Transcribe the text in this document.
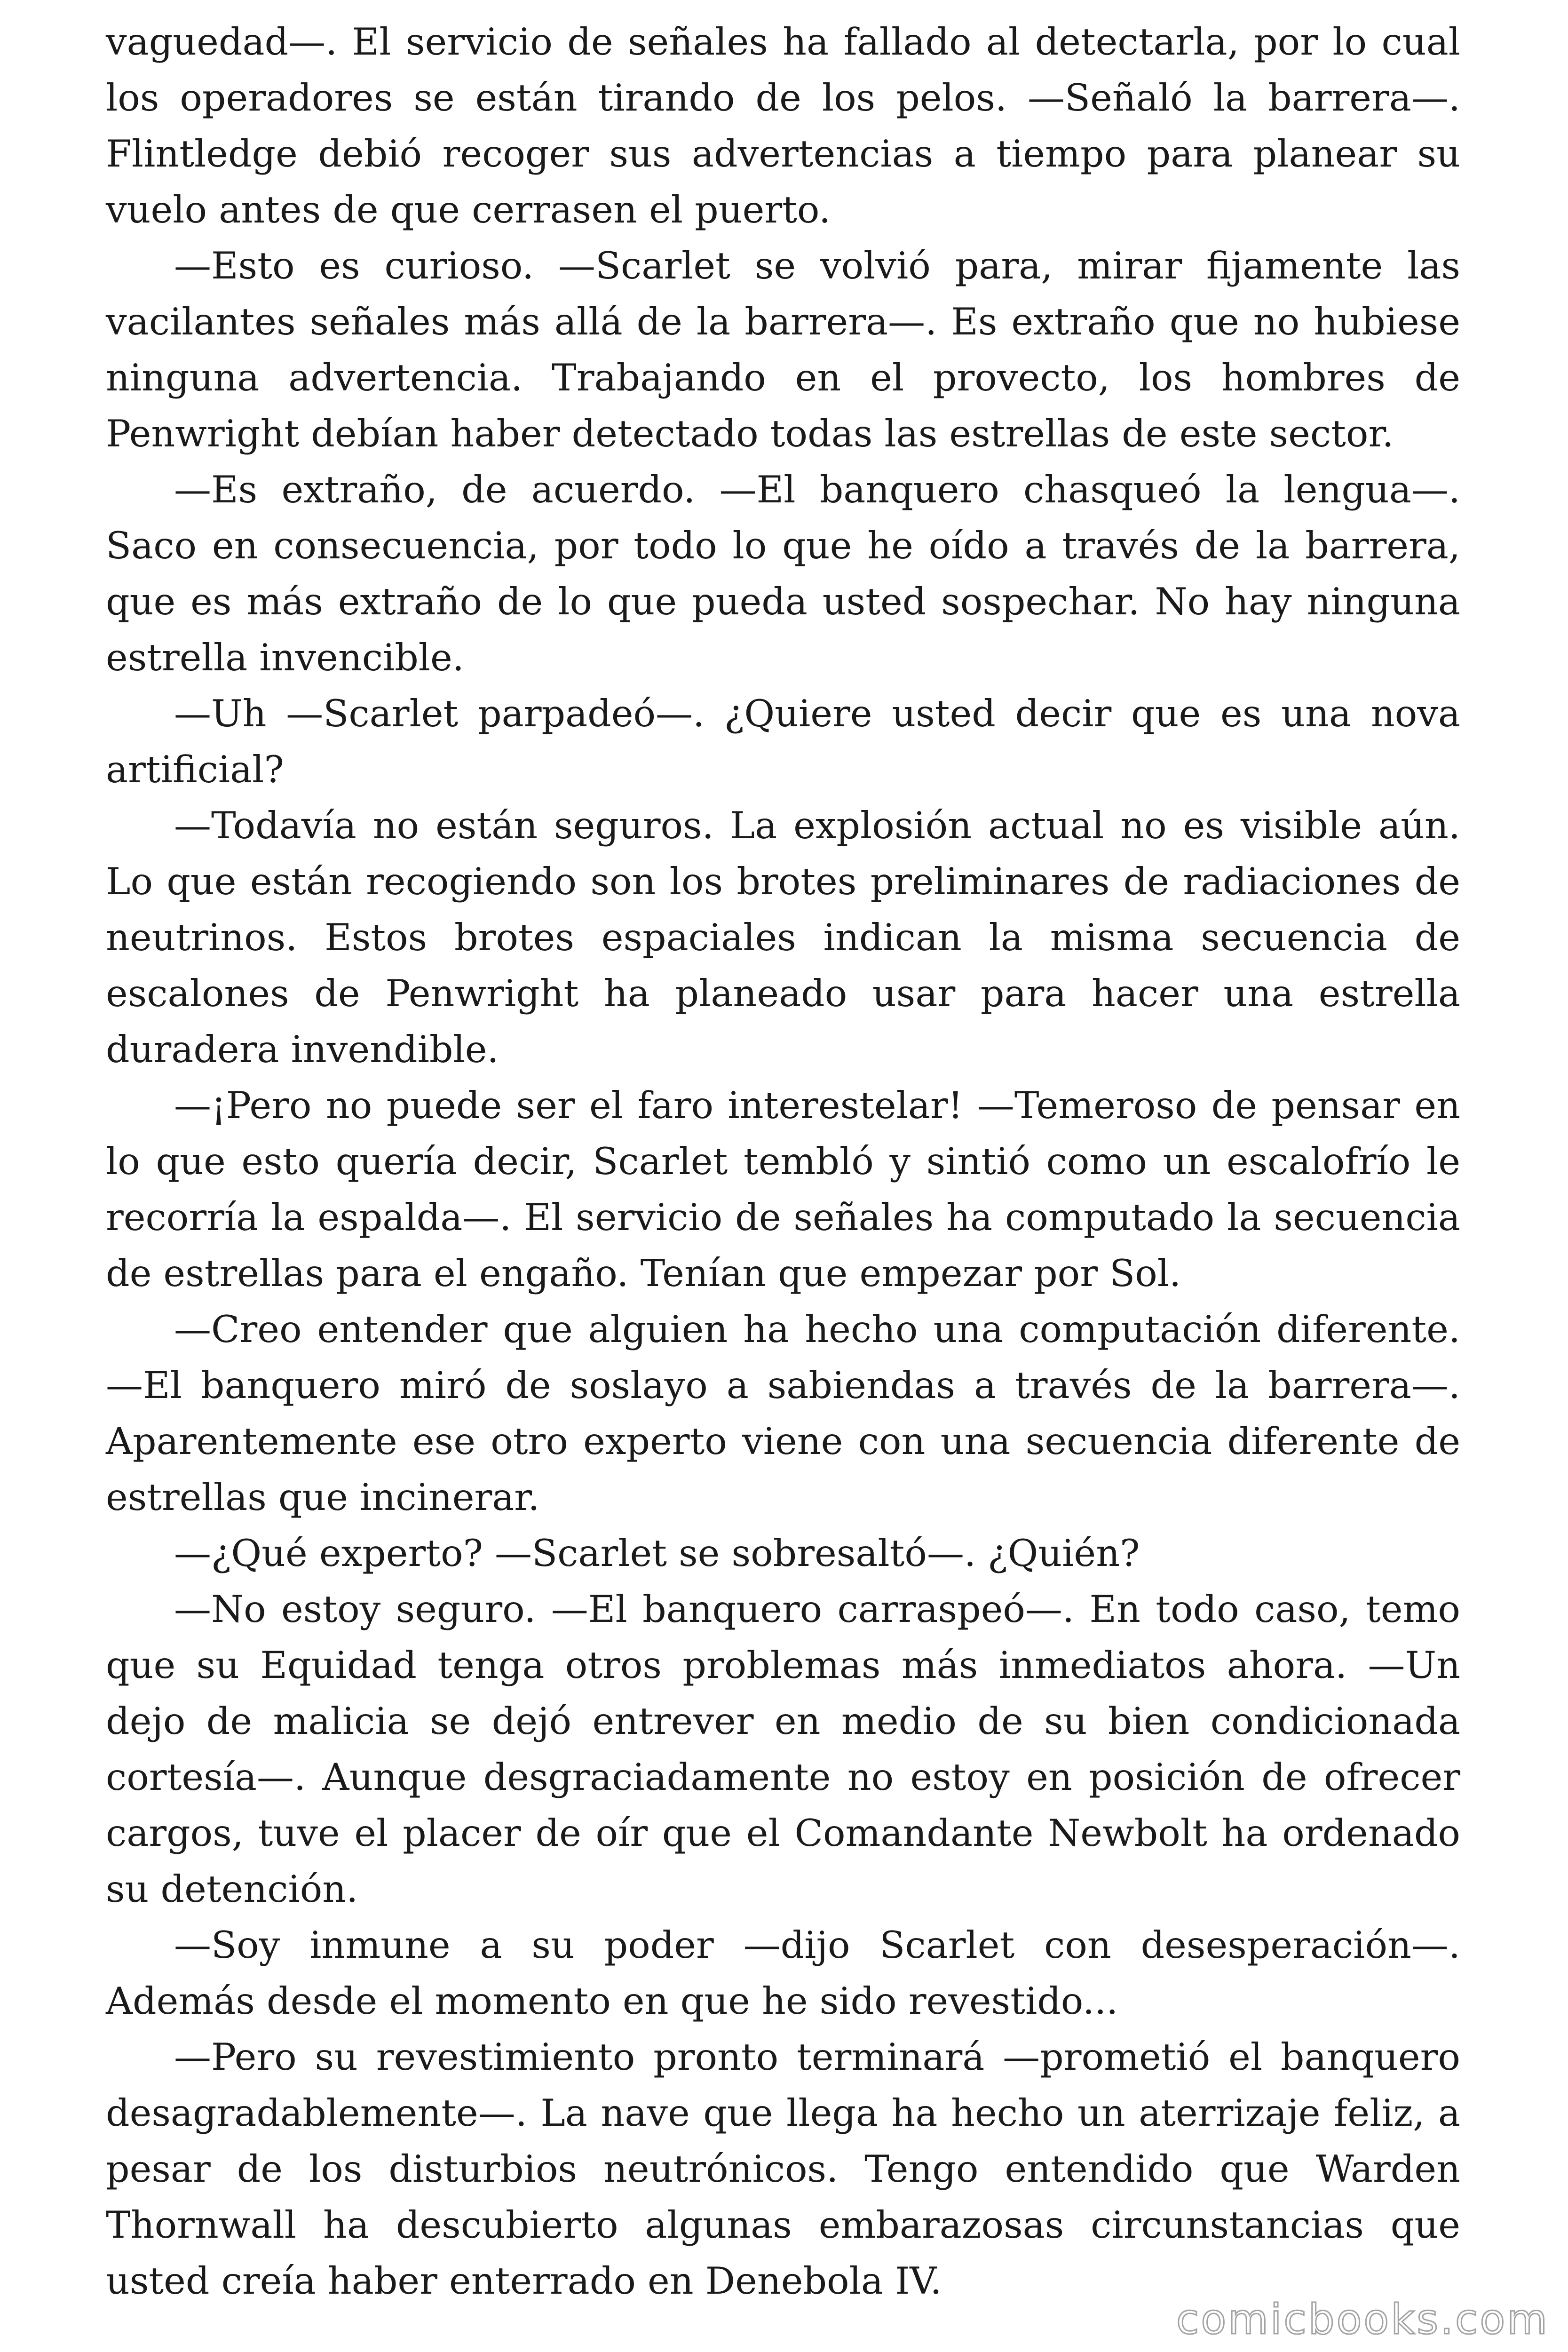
vaguedad—. El servicio de señales ha fallado al detectarla, por lo cual los operadores se están tirando de los pelos. —Señaló la barrera—. Flintledge debió recoger sus advertencias a tiempo para planear su vuelo antes de que cerrasen el puerto.

—Esto es curioso. —Scarlet se volvió para, mirar fijamente las vacilantes señales más allá de la barrera—. Es extraño que no hubiese ninguna advertencia. Trabajando en el provecto, los hombres de Penwright debían haber detectado todas las estrellas de este sector.

—Es extraño, de acuerdo. —El banquero chasqueó la lengua—. Saco en consecuencia, por todo lo que he oído a través de la barrera, que es más extraño de lo que pueda usted sospechar. No hay ninguna estrella invencible.

—Uh —Scarlet parpadeó—. ¿Quiere usted decir que es una nova artificial?

—Todavía no están seguros. La explosión actual no es visible aún. Lo que están recogiendo son los brotes preliminares de radiaciones de neutrinos. Estos brotes espaciales indican la misma secuencia de escalones de Penwright ha planeado usar para hacer una estrella duradera invendible.

—¡Pero no puede ser el faro interestelar! —Temeroso de pensar en lo que esto quería decir, Scarlet tembló y sintió como un escalofrío le recorría la espalda—. El servicio de señales ha computado la secuencia de estrellas para el engaño. Tenían que empezar por Sol.

—Creo entender que alguien ha hecho una computación diferente. —El banquero miró de soslayo a sabiendas a través de la barrera—. Aparentemente ese otro experto viene con una secuencia diferente de estrellas que incinerar.

—¿Qué experto? —Scarlet se sobresaltó—. ¿Quién?

—No estoy seguro. —El banquero carraspeó—. En todo caso, temo que su Equidad tenga otros problemas más inmediatos ahora. —Un dejo de malicia se dejó entrever en medio de su bien condicionada cortesía—. Aunque desgraciadamente no estoy en posición de ofrecer cargos, tuve el placer de oír que el Comandante Newbolt ha ordenado su detención.

—Soy inmune a su poder —dijo Scarlet con desesperación—. Además desde el momento en que he sido revestido...

—Pero su revestimiento pronto terminará —prometió el banquero desagradablemente—. La nave que llega ha hecho un aterrizaje feliz, a pesar de los disturbios neutrónicos. Tengo entendido que Warden Thornwall ha descubierto algunas embarazosas circunstancias que usted creía haber enterrado en Denebola IV.

comicbooks.com
